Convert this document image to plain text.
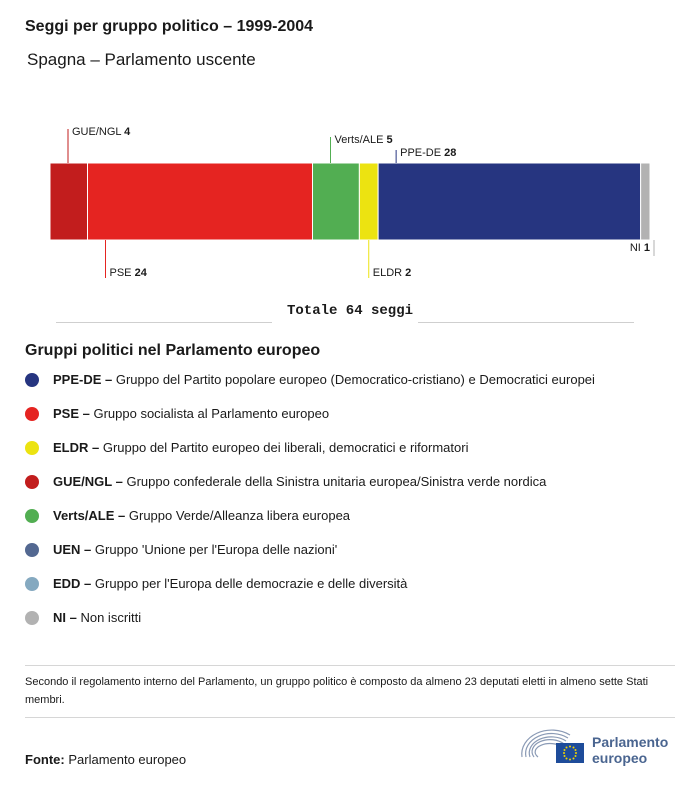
Seggi per gruppo politico – 1999-2004
Spagna – Parlamento uscente
GUE/NGL 4
PSE 24
Verts/ALE 5
ELDR 2
PPE-DE 28
NI 1
Totale 64 seggi
Gruppi politici nel Parlamento europeo
PPE-DE – Gruppo del Partito popolare europeo (Democratico-cristiano) e Democratici europei
PSE – Gruppo socialista al Parlamento europeo
ELDR – Gruppo del Partito europeo dei liberali, democratici e riformatori
GUE/NGL – Gruppo confederale della Sinistra unitaria europea/Sinistra verde nordica
Verts/ALE – Gruppo Verde/Alleanza libera europea
UEN – Gruppo 'Unione per l'Europa delle nazioni'
EDD – Gruppo per l'Europa delle democrazie e delle diversità
NI – Non iscritti
Secondo il regolamento interno del Parlamento, un gruppo politico è composto da almeno 23 deputati eletti in almeno sette Stati membri.
Fonte: Parlamento europeo
Parlamento
europeo
